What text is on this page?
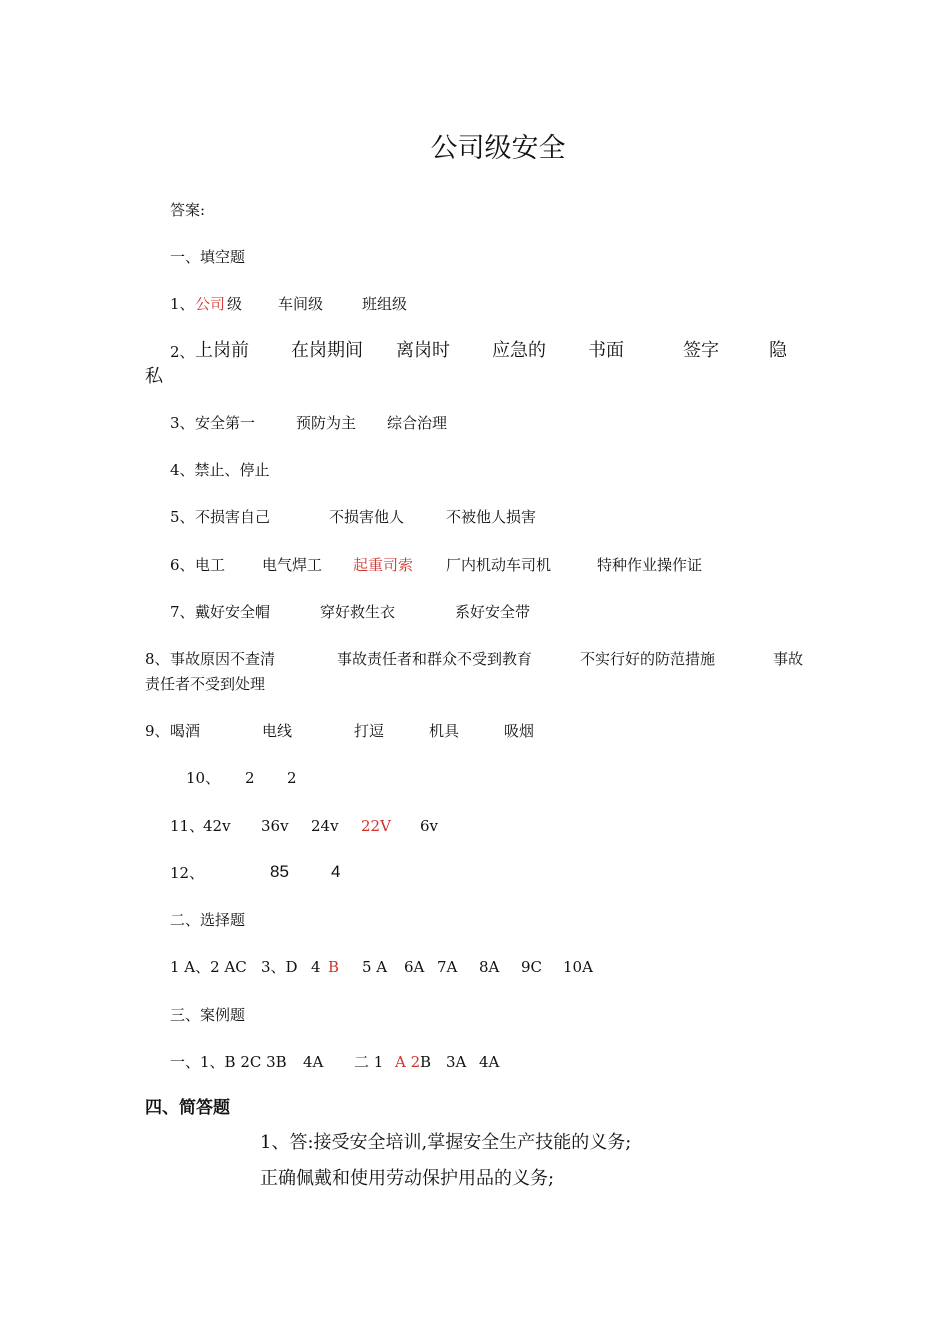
公司级安全
答案:
一、填空题
1、 公司 级 车间级	班组级
2、 上岗前 在岗期间 离岗时 应急的 书面	签字	隐
私
3、 安全第一	预防为主 综合治理
4、禁止、停止
5、 不损害自己	不损害他人	不被他人损害
6、 电工 电气焊工 起重司索 厂内机动车司机	特种作业操作证
7、 戴好安全帽	穿好救生衣	系好安全带
8、 事故原因不查清	事故责任者和群众不受到教育	不实行好的防范措施	事故
责任者不受到处理
9、 喝酒	电线	打逗	机具	吸烟
10、 2 2
11、
42v 36v 24v 22V 6v
12、	85 4
二、选择题
1 A、2 AC 3、D 4 B 5 A 6A 7A 8A 9C 10A
三、案例题
一、1、B 2C 3B 4A 二 1 A 2 B 3A 4A
四、简答题
1、答:接受安全培训,掌握安全生产技能的义务;
正确佩戴和使用劳动保护用品的义务;
